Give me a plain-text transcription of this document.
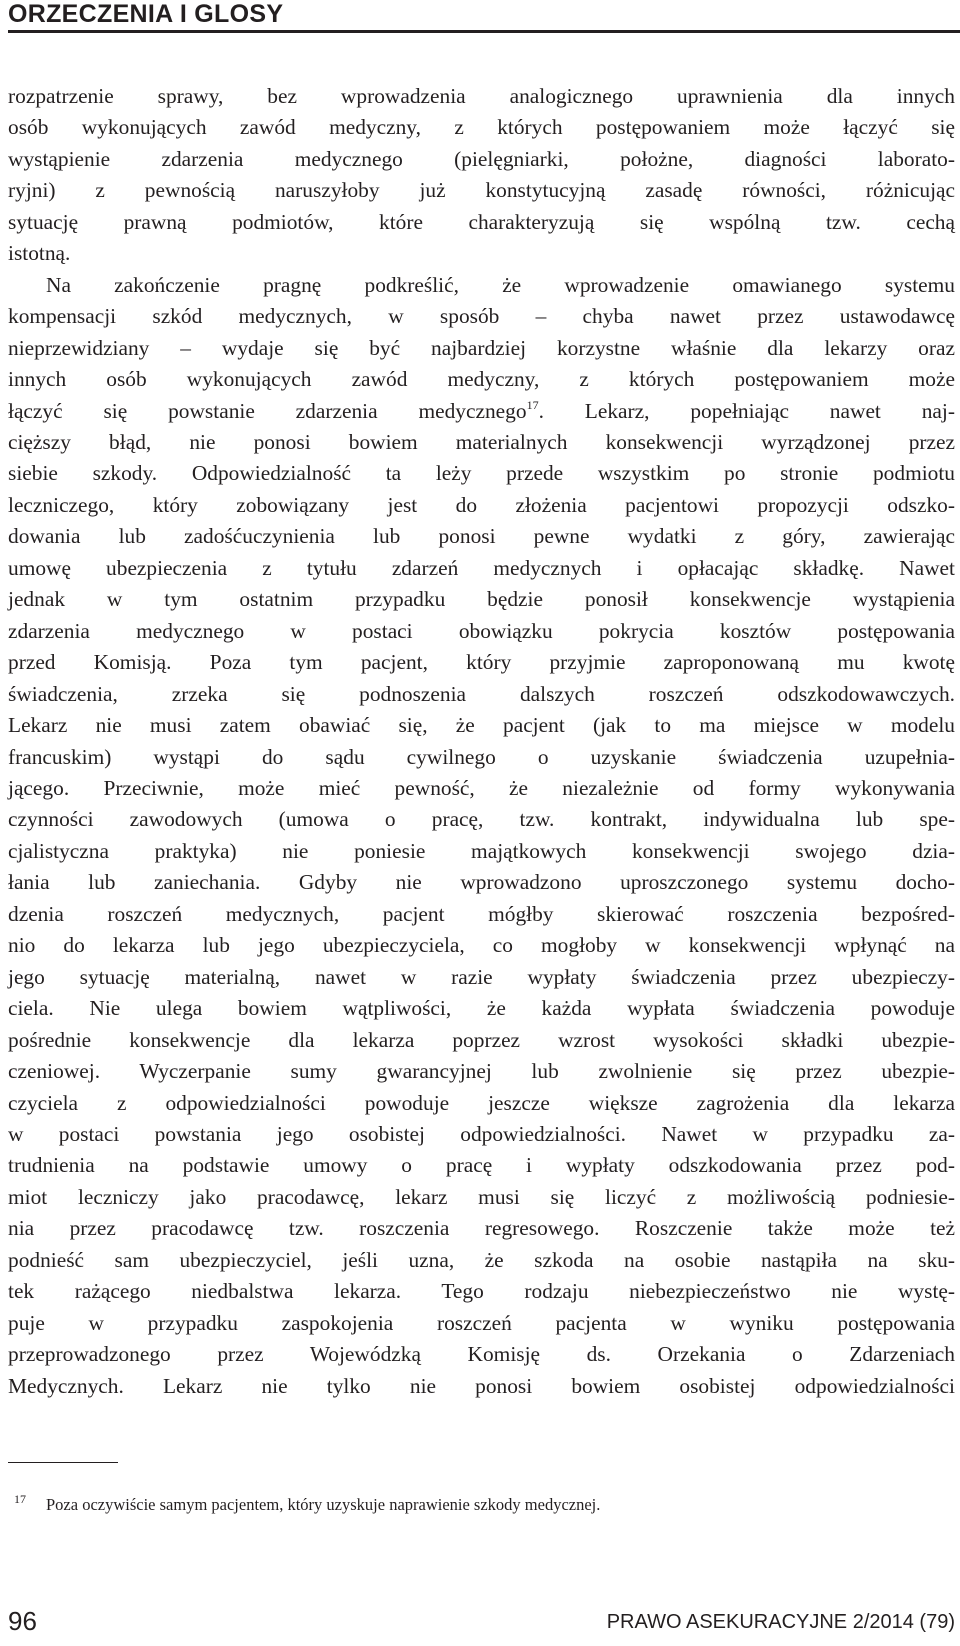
ORZECZENIA I GLOSY
rozpatrzenie sprawy, bez wprowadzenia analogicznego uprawnienia dla innych
osób wykonujących zawód medyczny, z których postępowaniem może łączyć się
wystąpienie zdarzenia medycznego (pielęgniarki, położne, diagności laborato-
ryjni) z pewnością naruszyłoby już konstytucyjną zasadę równości, różnicując
sytuację prawną podmiotów, które charakteryzują się wspólną tzw. cechą
istotną.
Na zakończenie pragnę podkreślić, że wprowadzenie omawianego systemu
kompensacji szkód medycznych, w sposób – chyba nawet przez ustawodawcę
nieprzewidziany – wydaje się być najbardziej korzystne właśnie dla lekarzy oraz
innych osób wykonujących zawód medyczny, z których postępowaniem może
łączyć się powstanie zdarzenia medycznego$^{17}$. Lekarz, popełniając nawet naj-
cięższy błąd, nie ponosi bowiem materialnych konsekwencji wyrządzonej przez
siebie szkody. Odpowiedzialność ta leży przede wszystkim po stronie podmiotu
leczniczego, który zobowiązany jest do złożenia pacjentowi propozycji odszko-
dowania lub zadośćuczynienia lub ponosi pewne wydatki z góry, zawierając
umowę ubezpieczenia z tytułu zdarzeń medycznych i opłacając składkę. Nawet
jednak w tym ostatnim przypadku będzie ponosił konsekwencje wystąpienia
zdarzenia medycznego w postaci obowiązku pokrycia kosztów postępowania
przed Komisją. Poza tym pacjent, który przyjmie zaproponowaną mu kwotę
świadczenia, zrzeka się podnoszenia dalszych roszczeń odszkodowawczych.
Lekarz nie musi zatem obawiać się, że pacjent (jak to ma miejsce w modelu
francuskim) wystąpi do sądu cywilnego o uzyskanie świadczenia uzupełnia-
jącego. Przeciwnie, może mieć pewność, że niezależnie od formy wykonywania
czynności zawodowych (umowa o pracę, tzw. kontrakt, indywidualna lub spe-
cjalistyczna praktyka) nie poniesie majątkowych konsekwencji swojego dzia-
łania lub zaniechania. Gdyby nie wprowadzono uproszczonego systemu docho-
dzenia roszczeń medycznych, pacjent mógłby skierować roszczenia bezpośred-
nio do lekarza lub jego ubezpieczyciela, co mogłoby w konsekwencji wpłynąć na
jego sytuację materialną, nawet w razie wypłaty świadczenia przez ubezpieczy-
ciela. Nie ulega bowiem wątpliwości, że każda wypłata świadczenia powoduje
pośrednie konsekwencje dla lekarza poprzez wzrost wysokości składki ubezpie-
czeniowej. Wyczerpanie sumy gwarancyjnej lub zwolnienie się przez ubezpie-
czyciela z odpowiedzialności powoduje jeszcze większe zagrożenia dla lekarza
w postaci powstania jego osobistej odpowiedzialności. Nawet w przypadku za-
trudnienia na podstawie umowy o pracę i wypłaty odszkodowania przez pod-
miot leczniczy jako pracodawcę, lekarz musi się liczyć z możliwością podniesie-
nia przez pracodawcę tzw. roszczenia regresowego. Roszczenie także może też
podnieść sam ubezpieczyciel, jeśli uzna, że szkoda na osobie nastąpiła na sku-
tek rażącego niedbalstwa lekarza. Tego rodzaju niebezpieczeństwo nie wystę-
puje w przypadku zaspokojenia roszczeń pacjenta w wyniku postępowania
przeprowadzonego przez Wojewódzką Komisję ds. Orzekania o Zdarzeniach
Medycznych. Lekarz nie tylko nie ponosi bowiem osobistej odpowiedzialności
17 Poza oczywiście samym pacjentem, który uzyskuje naprawienie szkody medycznej.
96	PRAWO ASEKURACYJNE 2/2014 (79)
